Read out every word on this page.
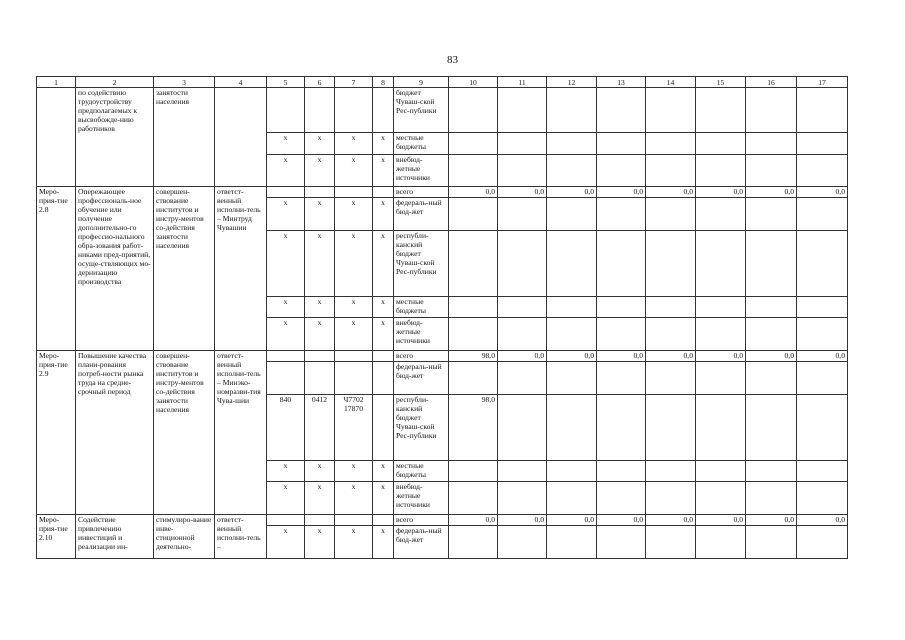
83
1	2	3	4	5	6	7	8	9	10	11	12	13	14	15	16	17
	по содействию трудоустройству предполагаемых к высвобожде-нию работников	занятости населения						бюджет Чуваш-ской Рес-публики								
				x	x	x	x	местные бюджеты								
				x	x	x	x	внебюд-жетные источники								
Меро-прия-тие 2.8	Опережающее профессиональ-ное обучение или получение дополнительно-го профессио-нального обра-зования работ-никами пред-приятий, осуще-ствляющих мо-дернизацию производства	совершен-ствование институтов и инстру-ментов со-действия занятости населения	ответст-венный исполни-тель – Минтруд Чувашии					всего	0,0	0,0	0,0	0,0	0,0	0,0	0,0	0,0
				x	x	x	x	федераль-ный бюд-жет								
				x	x	x	x	республи-канский бюджет Чуваш-ской Рес-публики								
				x	x	x	x	местные бюджеты								
				x	x	x	x	внебюд-жетные источники								
Меро-прия-тие 2.9	Повышение качества плани-рования потреб-ности рынка труда на средне-срочный период	совершен-ствование институтов и инстру-ментов со-действия занятости населения	ответст-венный исполни-тель – Минэко-номразви-тия Чува-шии					всего	98,0	0,0	0,0	0,0	0,0	0,0	0,0	0,0
								федераль-ный бюд-жет								
				840	0412	Ч7702 17870		республи-канский бюджет Чуваш-ской Рес-публики	98,0							
				x	x	x	x	местные бюджеты								
				x	x	x	x	внебюд-жетные источники								
Меро-прия-тие 2.10	Содействие привлечению инвестиций и реализации ин-	стимулиро-вание инве-стиционной деятельно-	ответст-венный исполни-тель –					всего	0,0	0,0	0,0	0,0	0,0	0,0	0,0	0,0
				x	x	x	x	федераль-ный бюд-жет								
